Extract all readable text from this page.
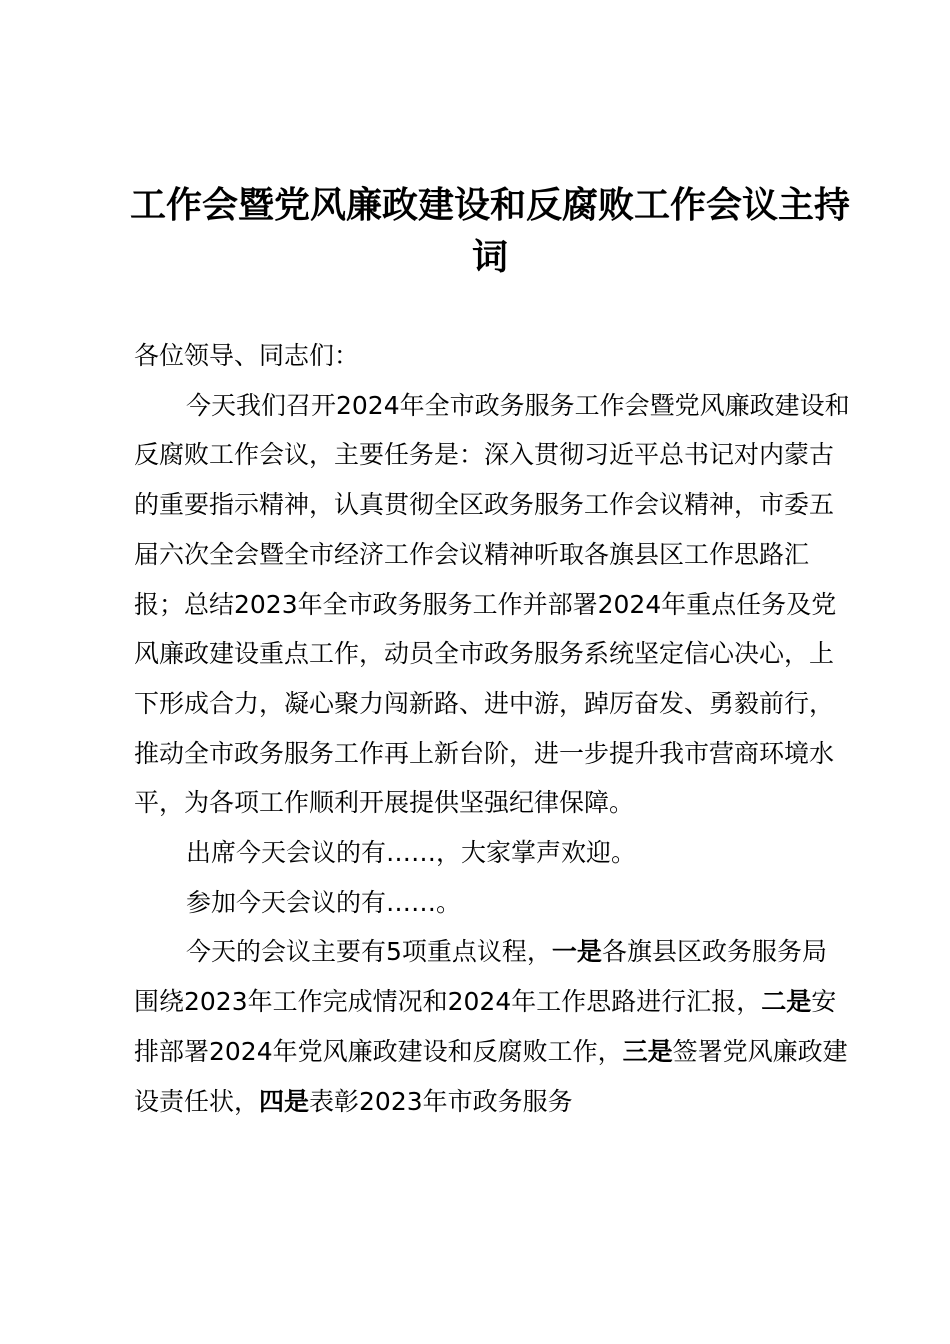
工作会暨党风廉政建设和反腐败工作会议主持词

各位领导、同志们：

今天我们召开2024年全市政务服务工作会暨党风廉政建设和反腐败工作会议，主要任务是：深入贯彻习近平总书记对内蒙古的重要指示精神，认真贯彻全区政务服务工作会议精神，市委五届六次全会暨全市经济工作会议精神听取各旗县区工作思路汇报；总结2023年全市政务服务工作并部署2024年重点任务及党风廉政建设重点工作，动员全市政务服务系统坚定信心决心，上下形成合力，凝心聚力闯新路、进中游，踔厉奋发、勇毅前行，推动全市政务服务工作再上新台阶，进一步提升我市营商环境水平，为各项工作顺利开展提供坚强纪律保障。

出席今天会议的有……，大家掌声欢迎。

参加今天会议的有……。

今天的会议主要有5项重点议程，一是各旗县区政务服务局围绕2023年工作完成情况和2024年工作思路进行汇报，二是安排部署2024年党风廉政建设和反腐败工作，三是签署党风廉政建设责任状，四是表彰2023年市政务服务
